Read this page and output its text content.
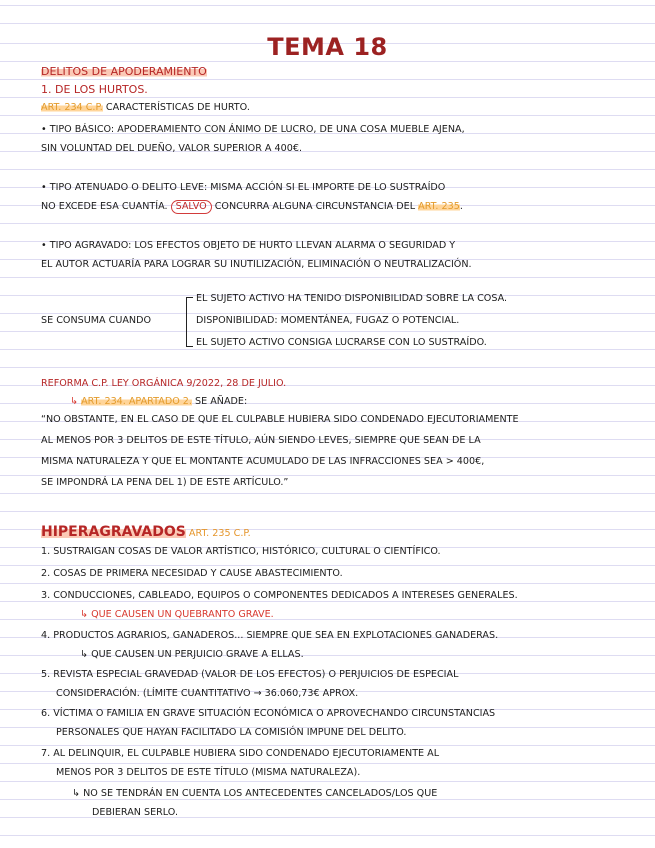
TEMA 18
DELITOS DE APODERAMIENTO
1. DE LOS HURTOS.
ART. 234 C.P. CARACTERÍSTICAS DE HURTO.
• TIPO BÁSICO: APODERAMIENTO CON ÁNIMO DE LUCRO, DE UNA COSA MUEBLE AJENA,
SIN VOLUNTAD DEL DUEÑO, VALOR SUPERIOR A 400€.
• TIPO ATENUADO O DELITO LEVE: MISMA ACCIÓN SI EL IMPORTE DE LO SUSTRAÍDO
NO EXCEDE ESA CUANTÍA. SALVO CONCURRA ALGUNA CIRCUNSTANCIA DEL ART. 235.
• TIPO AGRAVADO: LOS EFECTOS OBJETO DE HURTO LLEVAN ALARMA O SEGURIDAD Y
EL AUTOR ACTUARÍA PARA LOGRAR SU INUTILIZACIÓN, ELIMINACIÓN O NEUTRALIZACIÓN.
SE CONSUMA CUANDO
EL SUJETO ACTIVO HA TENIDO DISPONIBILIDAD SOBRE LA COSA.
DISPONIBILIDAD: MOMENTÁNEA, FUGAZ O POTENCIAL.
EL SUJETO ACTIVO CONSIGA LUCRARSE CON LO SUSTRAÍDO.
REFORMA C.P. LEY ORGÁNICA 9/2022, 28 DE JULIO.
↳ ART. 234. APARTADO 2. SE AÑADE:
“NO OBSTANTE, EN EL CASO DE QUE EL CULPABLE HUBIERA SIDO CONDENADO EJECUTORIAMENTE
AL MENOS POR 3 DELITOS DE ESTE TÍTULO, AÚN SIENDO LEVES, SIEMPRE QUE SEAN DE LA
MISMA NATURALEZA Y QUE EL MONTANTE ACUMULADO DE LAS INFRACCIONES SEA > 400€,
SE IMPONDRÁ LA PENA DEL 1) DE ESTE ARTÍCULO.”
HIPERAGRAVADOS ART. 235 C.P.
1. SUSTRAIGAN COSAS DE VALOR ARTÍSTICO, HISTÓRICO, CULTURAL O CIENTÍFICO.
2. COSAS DE PRIMERA NECESIDAD Y CAUSE ABASTECIMIENTO.
3. CONDUCCIONES, CABLEADO, EQUIPOS O COMPONENTES DEDICADOS A INTERESES GENERALES.
↳ QUE CAUSEN UN QUEBRANTO GRAVE.
4. PRODUCTOS AGRARIOS, GANADEROS... SIEMPRE QUE SEA EN EXPLOTACIONES GANADERAS.
↳ QUE CAUSEN UN PERJUICIO GRAVE A ELLAS.
5. REVISTA ESPECIAL GRAVEDAD (VALOR DE LOS EFECTOS) O PERJUICIOS DE ESPECIAL
CONSIDERACIÓN. (LÍMITE CUANTITATIVO → 36.060,73€ APROX.
6. VÍCTIMA O FAMILIA EN GRAVE SITUACIÓN ECONÓMICA O APROVECHANDO CIRCUNSTANCIAS
PERSONALES QUE HAYAN FACILITADO LA COMISIÓN IMPUNE DEL DELITO.
7. AL DELINQUIR, EL CULPABLE HUBIERA SIDO CONDENADO EJECUTORIAMENTE AL
MENOS POR 3 DELITOS DE ESTE TÍTULO (MISMA NATURALEZA).
↳ NO SE TENDRÁN EN CUENTA LOS ANTECEDENTES CANCELADOS/LOS QUE
DEBIERAN SERLO.
